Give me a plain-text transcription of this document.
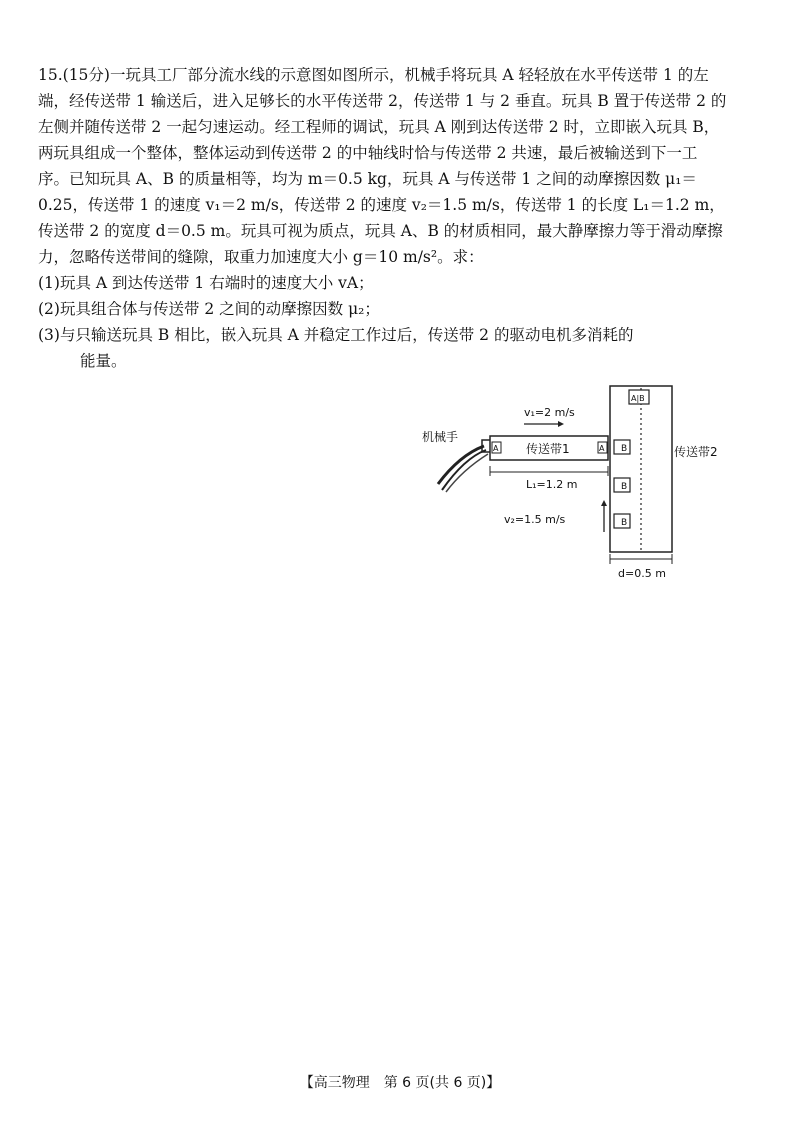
15.(15分)一玩具工厂部分流水线的示意图如图所示，机械手将玩具 A 轻轻放在水平传送带 1 的左端，经传送带 1 输送后，进入足够长的水平传送带 2，传送带 1 与 2 垂直。玩具 B 置于传送带 2 的左侧并随传送带 2 一起匀速运动。经工程师的调试，玩具 A 刚到达传送带 2 时，立即嵌入玩具 B，两玩具组成一个整体，整体运动到传送带 2 的中轴线时恰与传送带 2 共速，最后被输送到下一工序。已知玩具 A、B 的质量相等，均为 m＝0.5 kg，玩具 A 与传送带 1 之间的动摩擦因数 μ₁＝0.25，传送带 1 的速度 v₁＝2 m/s，传送带 2 的速度 v₂＝1.5 m/s，传送带 1 的长度 L₁＝1.2 m，传送带 2 的宽度 d＝0.5 m。玩具可视为质点，玩具 A、B 的材质相同，最大静摩擦力等于滑动摩擦力，忽略传送带间的缝隙，取重力加速度大小 g＝10 m/s²。求：
(1)玩具 A 到达传送带 1 右端时的速度大小 vA；
(2)玩具组合体与传送带 2 之间的动摩擦因数 μ₂；
(3)与只输送玩具 B 相比，嵌入玩具 A 并稳定工作过后，传送带 2 的驱动电机多消耗的
能量。
机械手
传送带1
A	A
v₁=2 m/s
L₁=1.2 m
传送带2
B
B
B
A|B
v₂=1.5 m/s
d=0.5 m
【高三物理　第 6 页(共 6 页)】
